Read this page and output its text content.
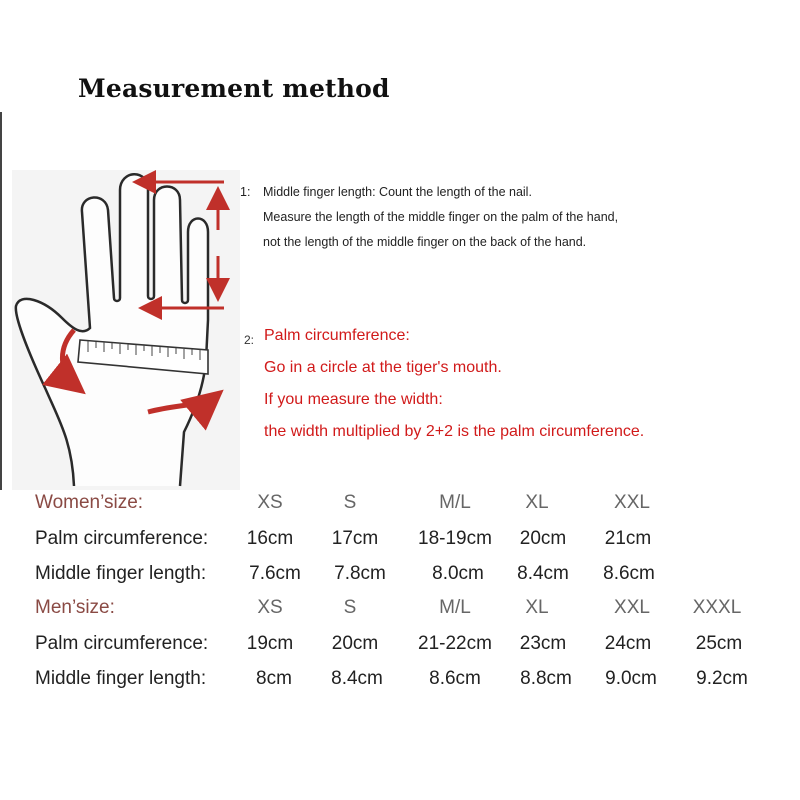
Measurement method
1: Middle finger length: Count the length of the nail.
Measure the length of the middle finger on the palm of the hand,
not the length of the middle finger on the back of the hand.
2: Palm circumference:
Go in a circle at the tiger's mouth.
If you measure the width:
the width multiplied by 2+2 is the palm circumference.
Women’size:	XS	S	M/L	XL	XXL
Palm circumference:	16cm	17cm	18-19cm	20cm	21cm
Middle finger length:	7.6cm	7.8cm	8.0cm	8.4cm	8.6cm
Men’size:	XS	S	M/L	XL	XXL	XXXL
Palm circumference:	19cm	20cm	21-22cm	23cm	24cm	25cm
Middle finger length:	8cm	8.4cm	8.6cm	8.8cm	9.0cm	9.2cm
